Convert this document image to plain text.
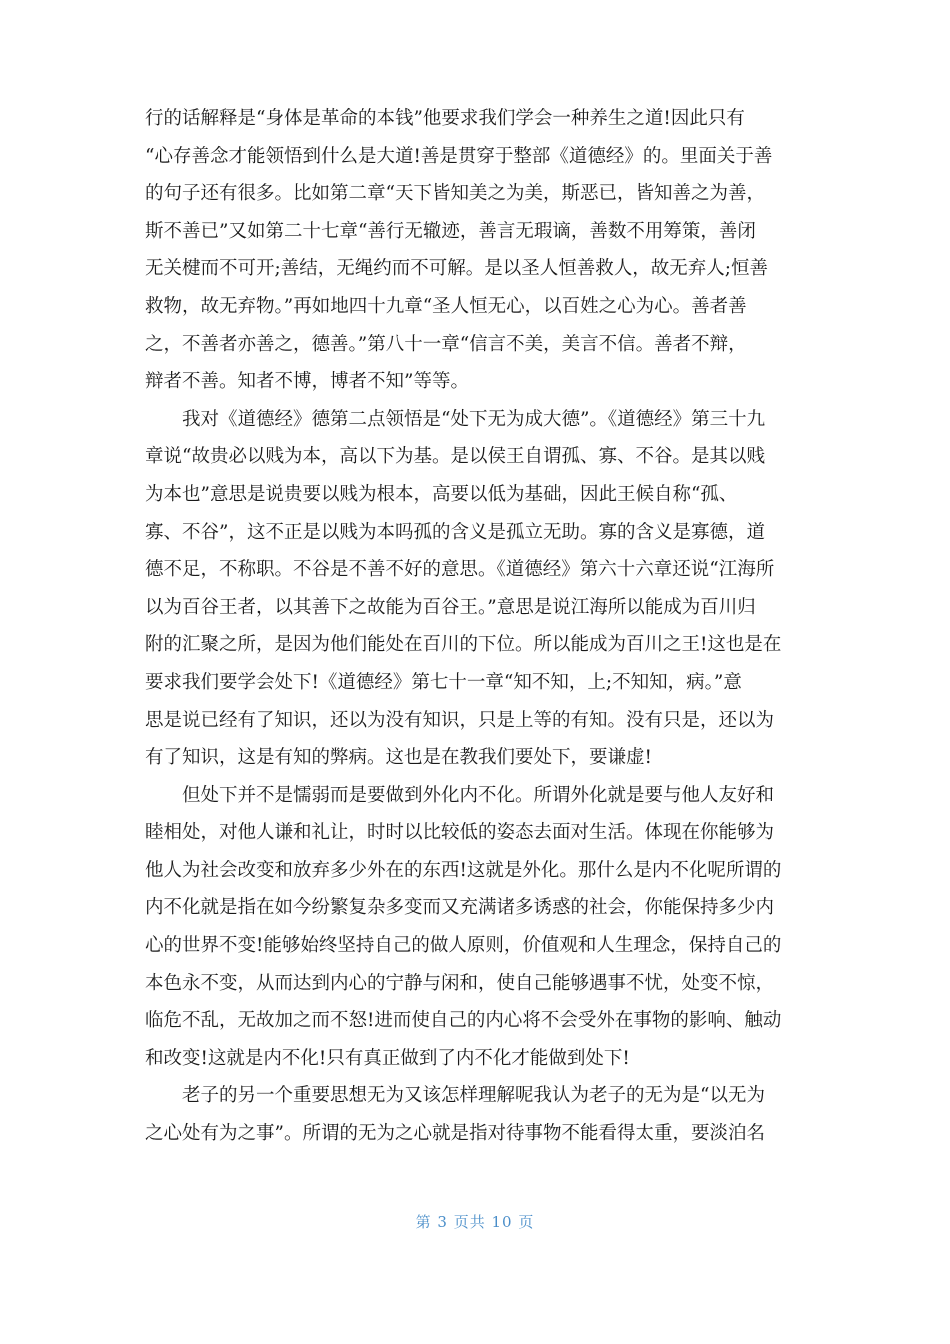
行的话解释是“身体是革命的本钱”他要求我们学会一种养生之道!因此只有
“心存善念才能领悟到什么是大道!善是贯穿于整部《道德经》的。里面关于善
的句子还有很多。比如第二章“天下皆知美之为美，斯恶已，皆知善之为善，
斯不善已”又如第二十七章“善行无辙迹，善言无瑕谪，善数不用筹策，善闭
无关楗而不可开;善结，无绳约而不可解。是以圣人恒善救人，故无弃人;恒善
救物，故无弃物。”再如地四十九章“圣人恒无心，以百姓之心为心。善者善
之，不善者亦善之，德善。”第八十一章“信言不美，美言不信。善者不辩，
辩者不善。知者不博，博者不知”等等。
我对《道德经》德第二点领悟是“处下无为成大德”。《道德经》第三十九
章说“故贵必以贱为本，高以下为基。是以侯王自谓孤、寡、不谷。是其以贱
为本也”意思是说贵要以贱为根本，高要以低为基础，因此王候自称“孤、
寡、不谷”，这不正是以贱为本吗孤的含义是孤立无助。寡的含义是寡德，道
德不足，不称职。不谷是不善不好的意思。《道德经》第六十六章还说“江海所
以为百谷王者，以其善下之故能为百谷王。”意思是说江海所以能成为百川归
附的汇聚之所，是因为他们能处在百川的下位。所以能成为百川之王!这也是在
要求我们要学会处下!《道德经》第七十一章“知不知，上;不知知，病。”意
思是说已经有了知识，还以为没有知识，只是上等的有知。没有只是，还以为
有了知识，这是有知的弊病。这也是在教我们要处下，要谦虚!
但处下并不是懦弱而是要做到外化内不化。所谓外化就是要与他人友好和
睦相处，对他人谦和礼让，时时以比较低的姿态去面对生活。体现在你能够为
他人为社会改变和放弃多少外在的东西!这就是外化。那什么是内不化呢所谓的
内不化就是指在如今纷繁复杂多变而又充满诸多诱惑的社会，你能保持多少内
心的世界不变!能够始终坚持自己的做人原则，价值观和人生理念，保持自己的
本色永不变，从而达到内心的宁静与闲和，使自己能够遇事不忧，处变不惊，
临危不乱，无故加之而不怒!进而使自己的内心将不会受外在事物的影响、触动
和改变!这就是内不化!只有真正做到了内不化才能做到处下!
老子的另一个重要思想无为又该怎样理解呢我认为老子的无为是“以无为
之心处有为之事”。所谓的无为之心就是指对待事物不能看得太重，要淡泊名
第 3 页共 10 页
